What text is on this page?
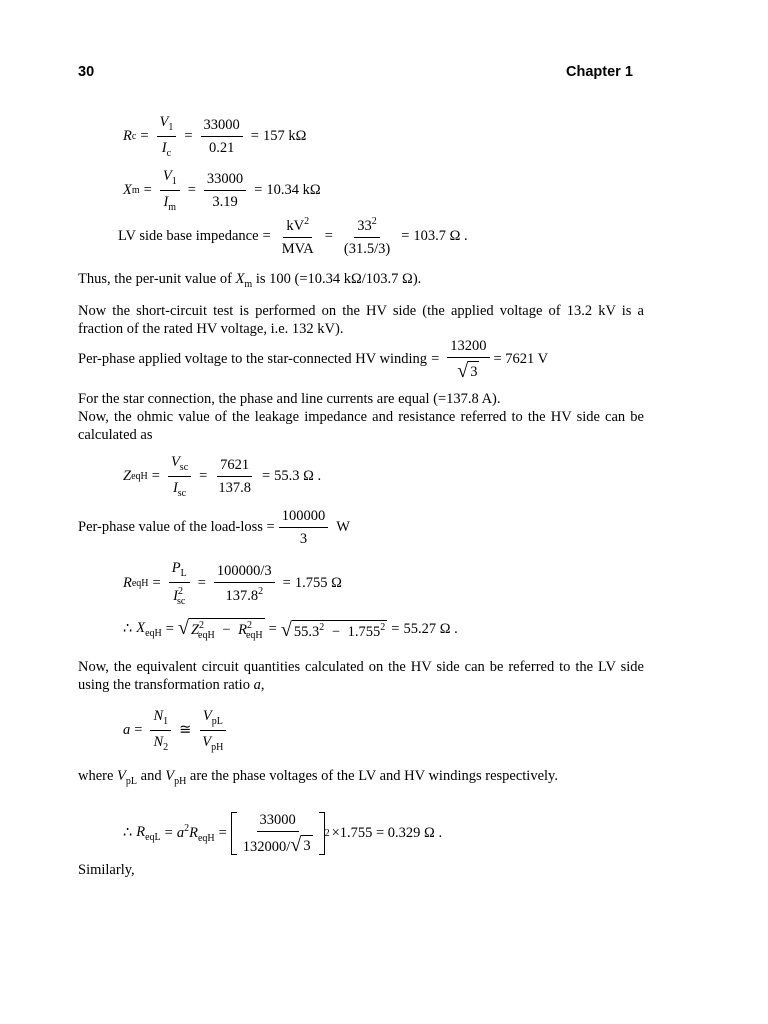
30	Chapter 1
R $c = \frac{V_1}{I_c} = \frac{33000}{0.21} = 157$ kΩ
X $m = \frac{V_1}{I_m} = \frac{33000}{3.19} = 10.34$ kΩ
LV side base impedance = $\frac{kV^2}{\text{MVA}} = \frac{33^2}{(31.5/3)} = 103.7$ Ω .
Thus, the per-unit value of $X_m$ is 100 (=10.34 kΩ/103.7 Ω).
Now the short-circuit test is performed on the HV side (the applied voltage of 13.2 kV is a fraction of the rated HV voltage, i.e. 132 kV).
Per-phase applied voltage to the star-connected HV winding = $\frac{13200}{√ 3} = 7621$ V
For the star connection, the phase and line currents are equal (=137.8 A).
Now, the ohmic value of the leakage impedance and resistance referred to the HV side can be calculated as
Z eqH = $\frac{V_{sc}}{I_{sc}} = \frac{7621}{137.8} = 55.3$ Ω .
Per-phase value of the load-loss = $\frac{100000}{3}$ W
R eqH = $\frac{P_L}{I^2_{sc}} = \frac{100000/3}{137.8^2} = 1.755$ Ω
∴ $X_{eqH}$ = √ $Z^2_{eqH} - R^2_{eqH}$ = √ $55.3^2 - 1.755^2 = 55.27$ Ω .
Now, the equivalent circuit quantities calculated on the HV side can be referred to the LV side using the transformation ratio a,
$a = \frac{N_1}{N_2}$ ≅ $\frac{V_{pL}}{V_{pH}}$
where $V_{pL}$ and $V_{pH}$ are the phase voltages of the LV and HV windings respectively.
∴ $R_{eqL} = a^2R_{eqH} = \frac{33000}{132000/ √ 3} 2 \times 1.755 = 0.329$ Ω .
Similarly,
